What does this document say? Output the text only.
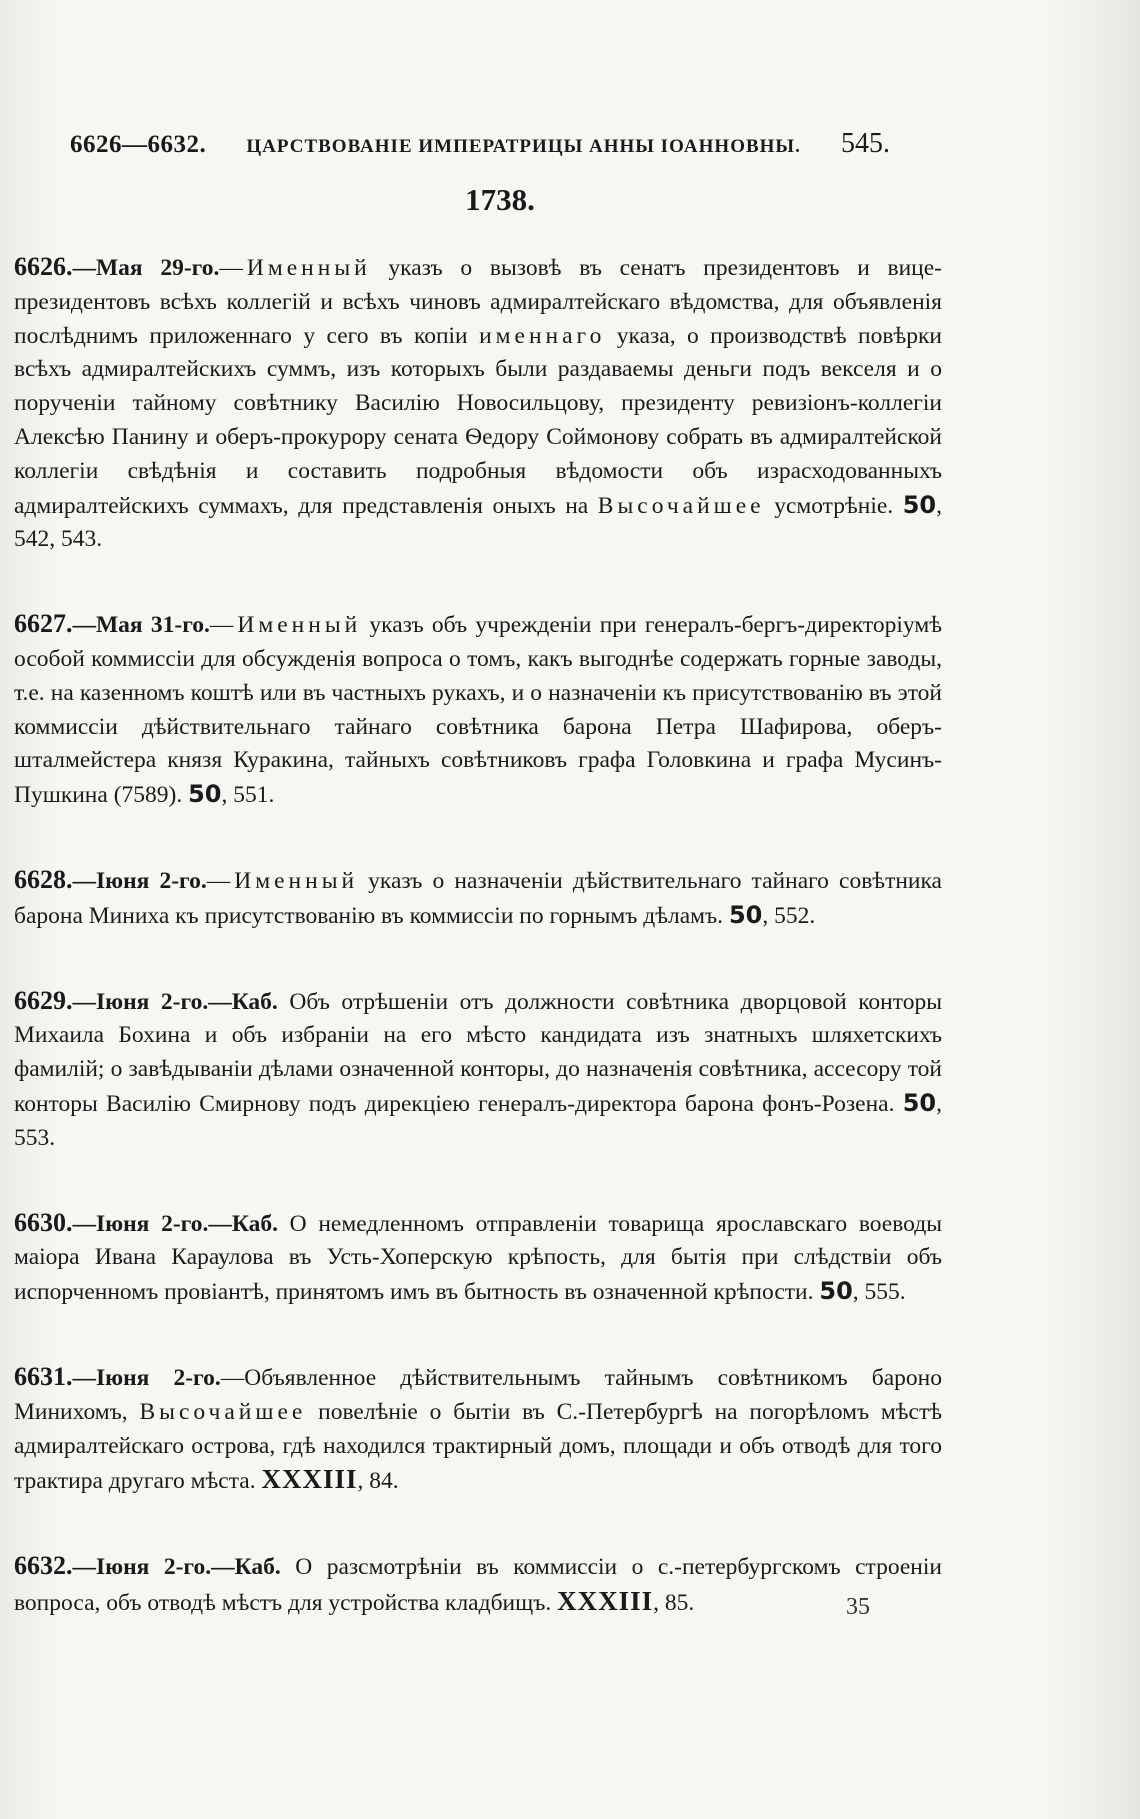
6626—6632. ЦАРСТВОВАНІЕ ИМПЕРАТРИЦЫ АННЫ ІОАННОВНЫ. 545.
1738.

6626.—Мая 29-го.—Именный указъ о вызовѣ въ сенатъ президентовъ и вице-президентовъ всѣхъ коллегій и всѣхъ чиновъ адмиралтейскаго вѣдомства, для объявленія послѣднимъ приложеннаго у сего въ копіи именнаго указа, о производствѣ повѣрки всѣхъ адмиралтейскихъ суммъ, изъ которыхъ были раздаваемы деньги подъ векселя и о порученіи тайному совѣтнику Василію Новосильцову, президенту ревизіонъ-коллегіи Алексѣю Панину и оберъ-прокурору сената Ѳедору Соймонову собрать въ адмиралтейской коллегіи свѣдѣнія и составить подробныя вѣдомости объ израсходованныхъ адмиралтейскихъ суммахъ, для представленія оныхъ на Высочайшее усмотрѣніе. 50, 542, 543.

6627.—Мая 31-го.—Именный указъ объ учрежденіи при генералъ-бергъ-директоріумѣ особой коммиссіи для обсужденія вопроса о томъ, какъ выгоднѣе содержать горные заводы, т.е. на казенномъ коштѣ или въ частныхъ рукахъ, и о назначеніи къ присутствованію въ этой коммиссіи дѣйствительнаго тайнаго совѣтника барона Петра Шафирова, оберъ-шталмейстера князя Куракина, тайныхъ совѣтниковъ графа Головкина и графа Мусинъ-Пушкина (7589). 50, 551.

6628.—Іюня 2-го.—Именный указъ о назначеніи дѣйствительнаго тайнаго совѣтника барона Миниха къ присутствованію въ коммиссіи по горнымъ дѣламъ. 50, 552.

6629.—Іюня 2-го.—Каб. Объ отрѣшеніи отъ должности совѣтника дворцовой конторы Михаила Бохина и объ избраніи на его мѣсто кандидата изъ знатныхъ шляхетскихъ фамилій; о завѣдываніи дѣлами означенной конторы, до назначенія совѣтника, ассесору той конторы Василію Смирнову подъ дирекціею генералъ-директора барона фонъ-Розена. 50, 553.

6630.—Іюня 2-го.—Каб. О немедленномъ отправленіи товарища ярославскаго воеводы маіора Ивана Караулова въ Усть-Хоперскую крѣпость, для бытія при слѣдствіи объ испорченномъ провіантѣ, принятомъ имъ въ бытность въ означенной крѣпости. 50, 555.

6631.—Іюня 2-го.—Объявленное дѣйствительнымъ тайнымъ совѣтникомъ бароно Минихомъ, Высочайшее повелѣніе о бытіи въ С.-Петербургѣ на погорѣломъ мѣстѣ адмиралтейскаго острова, гдѣ находился трактирный домъ, площади и объ отводѣ для того трактира другаго мѣста. XXXIII, 84.

6632.—Іюня 2-го.—Каб. О разсмотрѣніи въ коммиссіи о с.-петербургскомъ строеніи вопроса, объ отводѣ мѣстъ для устройства кладбищъ. XXXIII, 85.	35
